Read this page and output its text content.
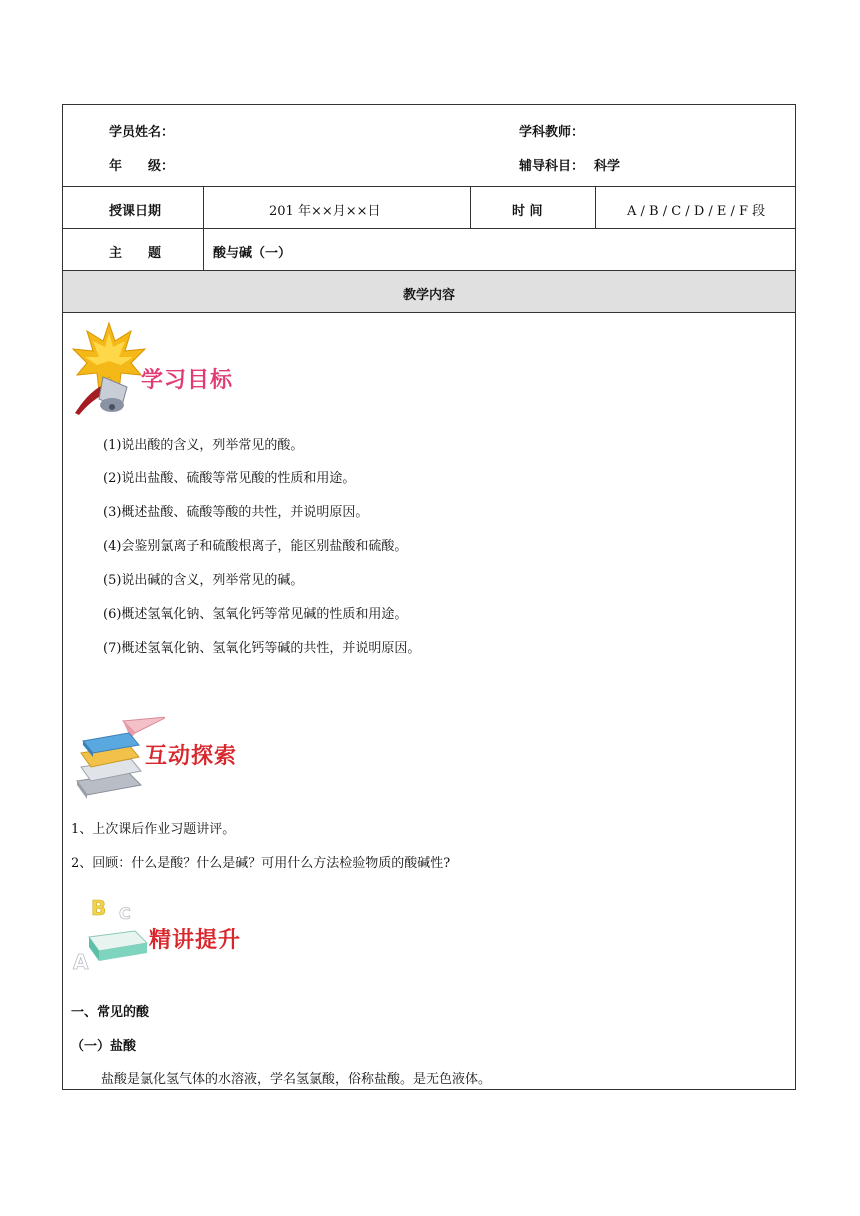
学员姓名：	学科教师：
年　　级：	辅导科目： 科学
授课日期	201 年××月××日	时 间	A / B / C / D / E / F 段
主　　题	酸与碱（一）
教学内容
学习目标
(1)说出酸的含义，列举常见的酸。
(2)说出盐酸、硫酸等常见酸的性质和用途。
(3)概述盐酸、硫酸等酸的共性，并说明原因。
(4)会鉴别氯离子和硫酸根离子，能区别盐酸和硫酸。
(5)说出碱的含义，列举常见的碱。
(6)概述氢氧化钠、氢氧化钙等常见碱的性质和用途。
(7)概述氢氧化钠、氢氧化钙等碱的共性，并说明原因。
互动探索
1、上次课后作业习题讲评。
2、回顾：什么是酸？什么是碱？可用什么方法检验物质的酸碱性?
B C
A
精讲提升
一、常见的酸
（一）盐酸
盐酸是氯化氢气体的水溶液，学名氢氯酸，俗称盐酸。是无色液体。
